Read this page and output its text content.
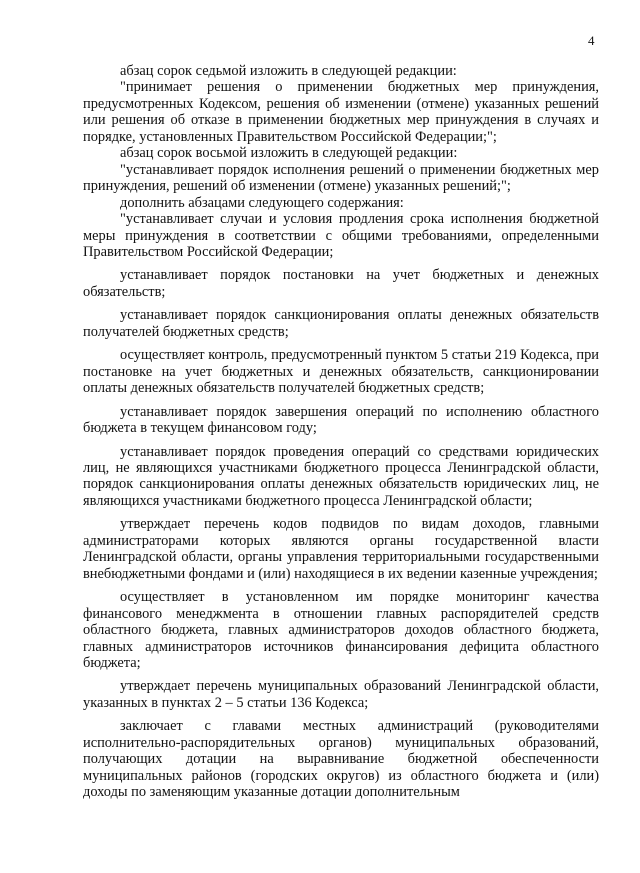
4

абзац сорок седьмой изложить в следующей редакции:

"принимает решения о применении бюджетных мер принуждения, предусмотренных Кодексом, решения об изменении (отмене) указанных решений или решения об отказе в применении бюджетных мер принуждения в случаях и порядке, установленных Правительством Российской Федерации;";

абзац сорок восьмой изложить в следующей редакции:

"устанавливает порядок исполнения решений о применении бюджетных мер принуждения, решений об изменении (отмене) указанных решений;";

дополнить абзацами следующего содержания:

"устанавливает случаи и условия продления срока исполнения бюджетной меры принуждения в соответствии с общими требованиями, определенными Правительством Российской Федерации;

устанавливает порядок постановки на учет бюджетных и денежных обязательств;

устанавливает порядок санкционирования оплаты денежных обязательств получателей бюджетных средств;

осуществляет контроль, предусмотренный пунктом 5 статьи 219 Кодекса, при постановке на учет бюджетных и денежных обязательств, санкционировании оплаты денежных обязательств получателей бюджетных средств;

устанавливает порядок завершения операций по исполнению областного бюджета в текущем финансовом году;

устанавливает порядок проведения операций со средствами юридических лиц, не являющихся участниками бюджетного процесса Ленинградской области, порядок санкционирования оплаты денежных обязательств юридических лиц, не являющихся участниками бюджетного процесса Ленинградской области;

утверждает перечень кодов подвидов по видам доходов, главными администраторами которых являются органы государственной власти Ленинградской области, органы управления территориальными государственными внебюджетными фондами и (или) находящиеся в их ведении казенные учреждения;

осуществляет в установленном им порядке мониторинг качества финансового менеджмента в отношении главных распорядителей средств областного бюджета, главных администраторов доходов областного бюджета, главных администраторов источников финансирования дефицита областного бюджета;

утверждает перечень муниципальных образований Ленинградской области, указанных в пунктах 2 – 5 статьи 136 Кодекса;

заключает с главами местных администраций (руководителями исполнительно-распорядительных органов) муниципальных образований, получающих дотации на выравнивание бюджетной обеспеченности муниципальных районов (городских округов) из областного бюджета и (или) доходы по заменяющим указанные дотации дополнительным
